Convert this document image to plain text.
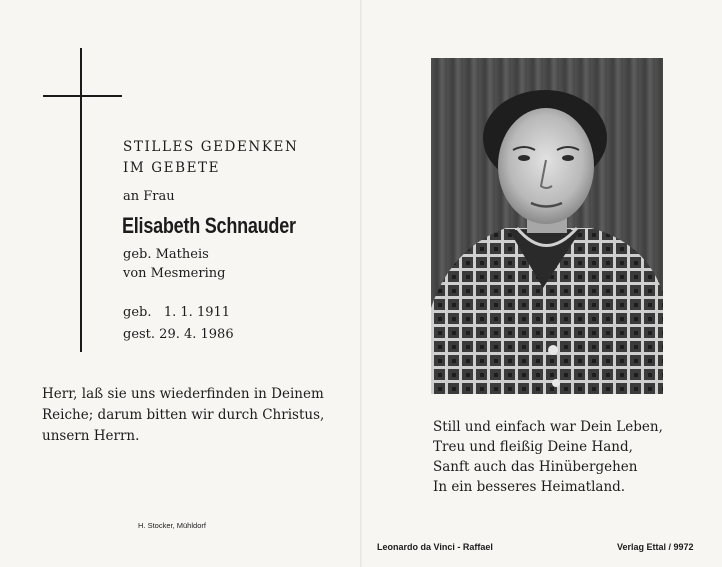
STILLES GEDENKEN
IM GEBETE
an Frau
Elisabeth Schnauder
geb. Matheis
von Mesmering
geb.   1. 1. 1911
gest. 29. 4. 1986
Herr, laß sie uns wiederfinden in Deinem
Reiche; darum bitten wir durch Christus,
unsern Herrn.
H. Stocker, Mühldorf
Still und einfach war Dein Leben,
Treu und fleißig Deine Hand,
Sanft auch das Hinübergehen
In ein besseres Heimatland.
Leonardo da Vinci - Raffael	Verlag Ettal / 9972
